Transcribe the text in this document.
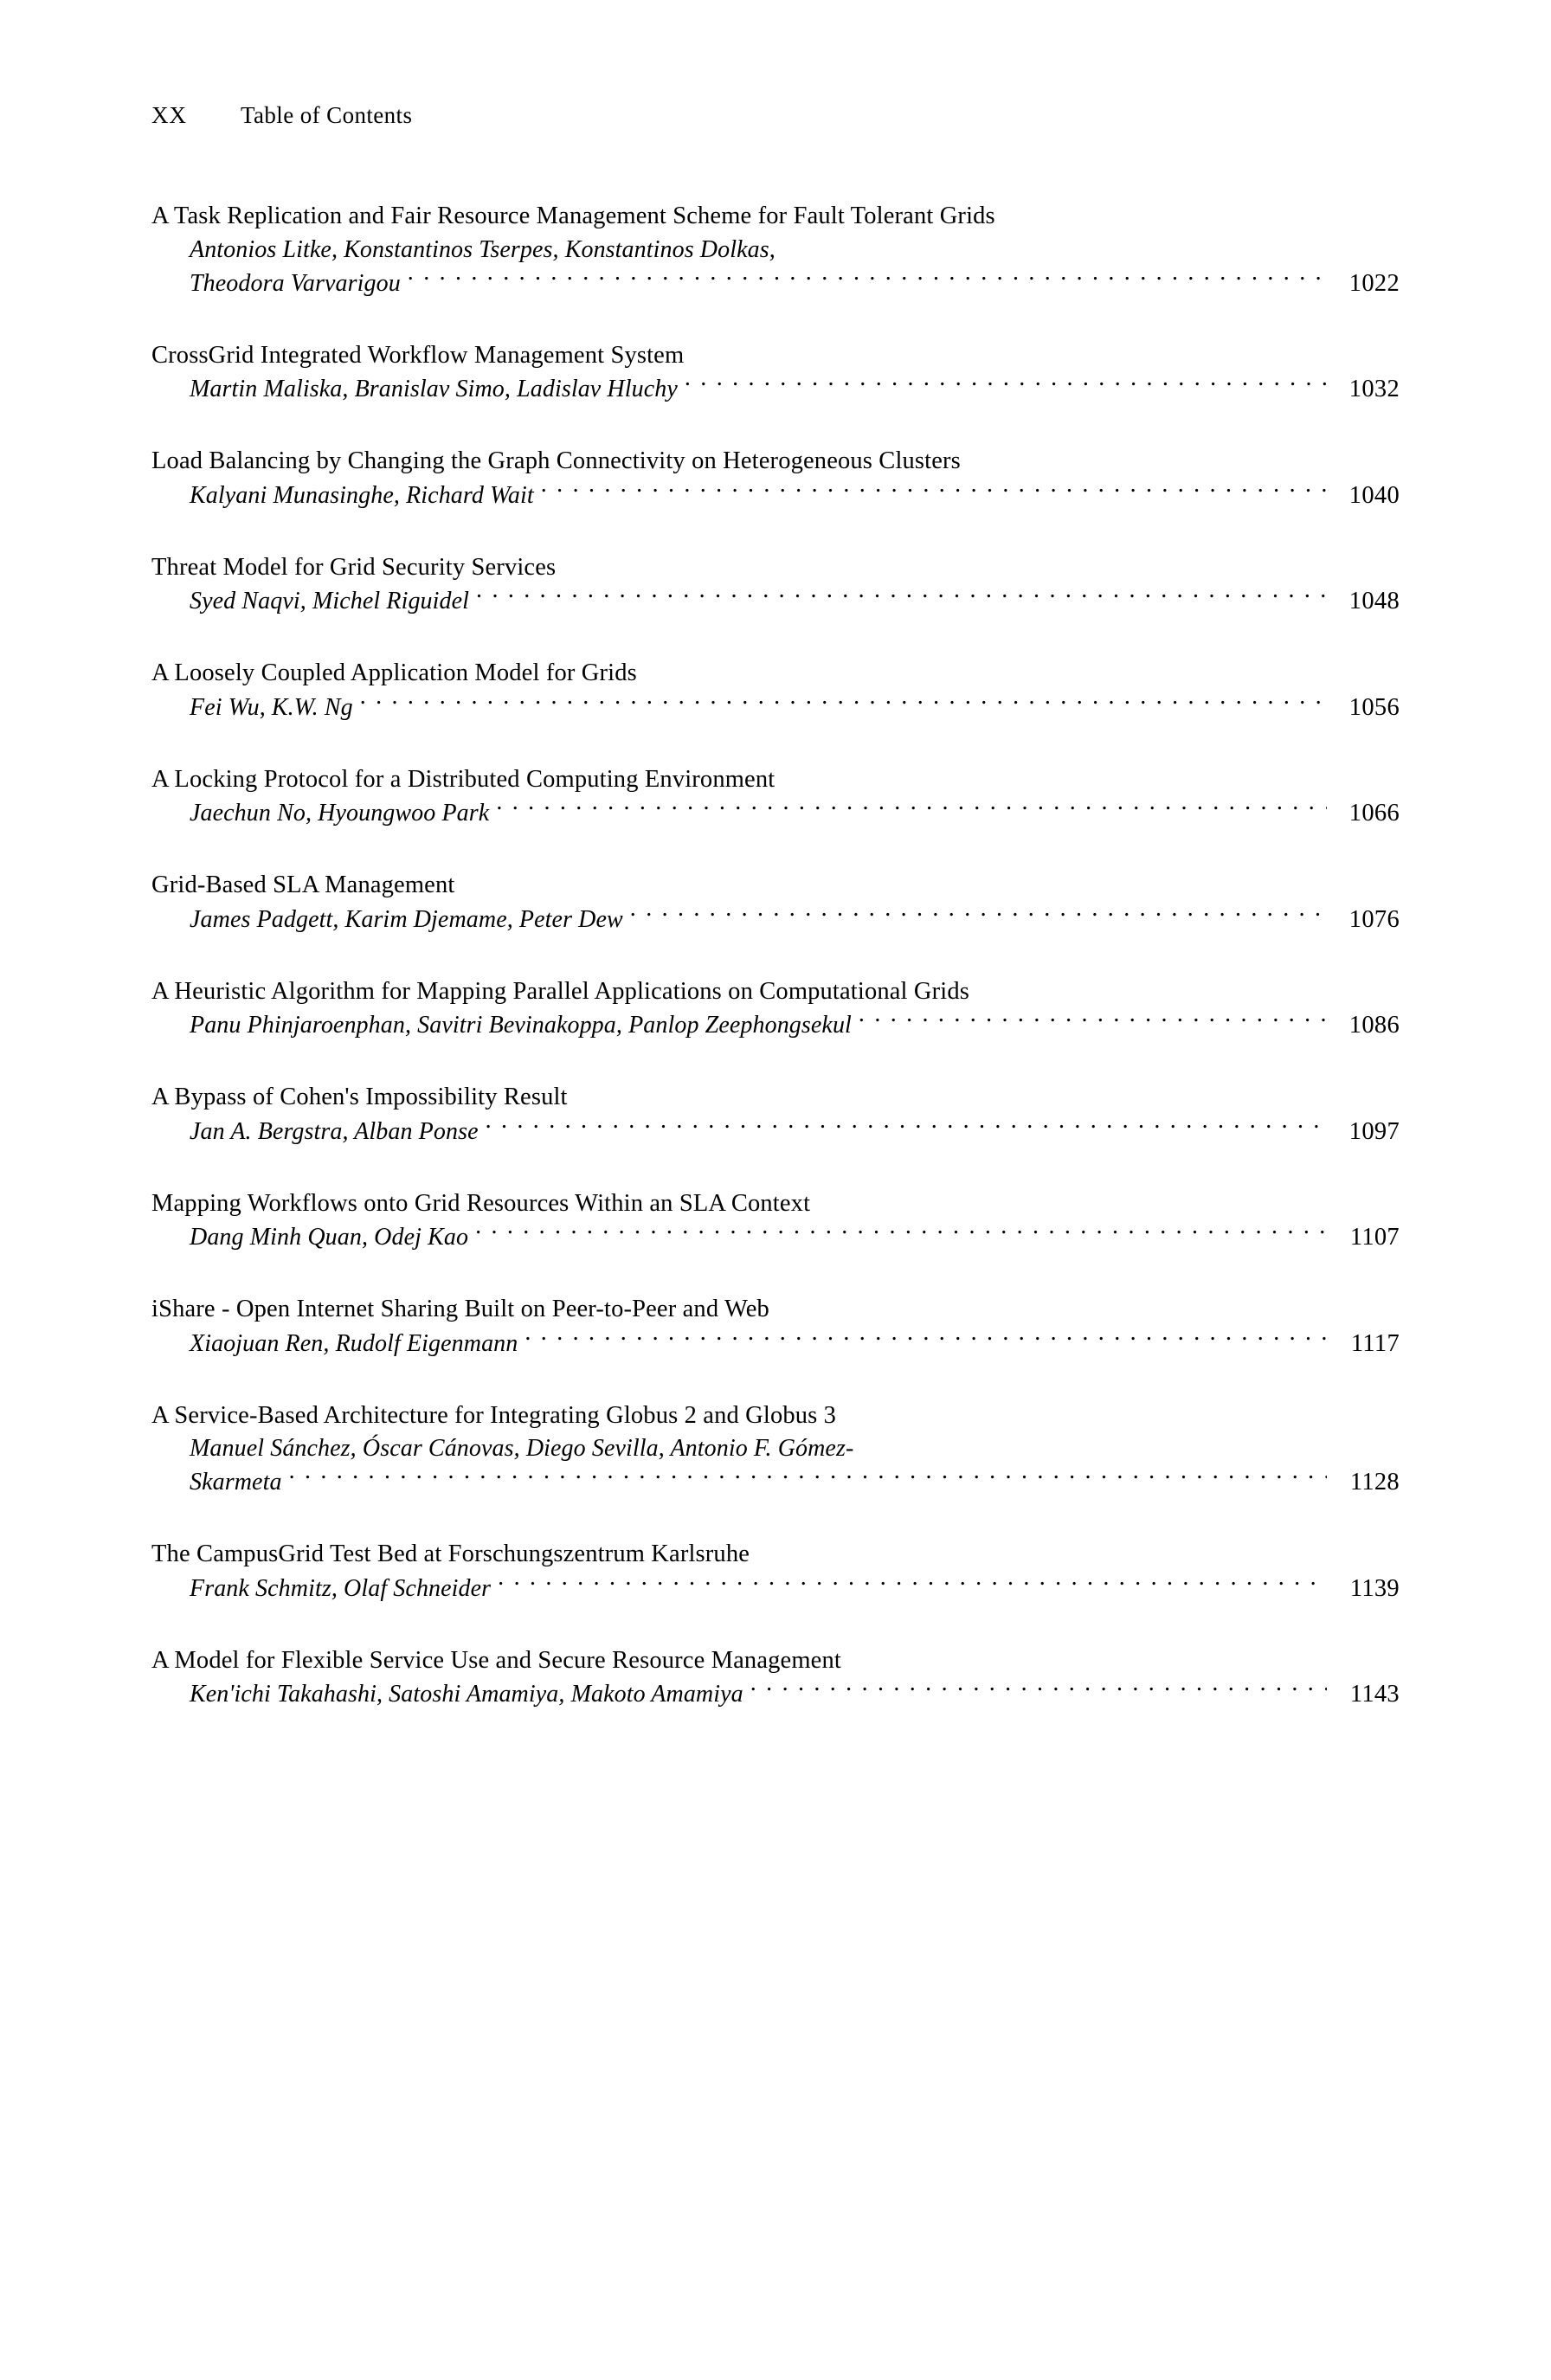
XX Table of Contents
A Task Replication and Fair Resource Management Scheme for Fault Tolerant Grids
Antonios Litke, Konstantinos Tserpes, Konstantinos Dolkas,
Theodora Varvarigou . . .	1022
CrossGrid Integrated Workflow Management System
Martin Maliska, Branislav Simo, Ladislav Hluchy . . .	1032
Load Balancing by Changing the Graph Connectivity on Heterogeneous Clusters
Kalyani Munasinghe, Richard Wait . . .	1040
Threat Model for Grid Security Services
Syed Naqvi, Michel Riguidel . . .	1048
A Loosely Coupled Application Model for Grids
Fei Wu, K.W. Ng . . .	1056
A Locking Protocol for a Distributed Computing Environment
Jaechun No, Hyoungwoo Park . . .	1066
Grid-Based SLA Management
James Padgett, Karim Djemame, Peter Dew . . .	1076
A Heuristic Algorithm for Mapping Parallel Applications on Computational Grids
Panu Phinjaroenphan, Savitri Bevinakoppa, Panlop Zeephongsekul . . .	1086
A Bypass of Cohen's Impossibility Result
Jan A. Bergstra, Alban Ponse . . .	1097
Mapping Workflows onto Grid Resources Within an SLA Context
Dang Minh Quan, Odej Kao . . .	1107
iShare - Open Internet Sharing Built on Peer-to-Peer and Web
Xiaojuan Ren, Rudolf Eigenmann . . .	1117
A Service-Based Architecture for Integrating Globus 2 and Globus 3
Manuel Sánchez, Óscar Cánovas, Diego Sevilla, Antonio F. Gómez-
Skarmeta . . .	1128
The CampusGrid Test Bed at Forschungszentrum Karlsruhe
Frank Schmitz, Olaf Schneider . . .	1139
A Model for Flexible Service Use and Secure Resource Management
Ken'ichi Takahashi, Satoshi Amamiya, Makoto Amamiya . . .	1143
